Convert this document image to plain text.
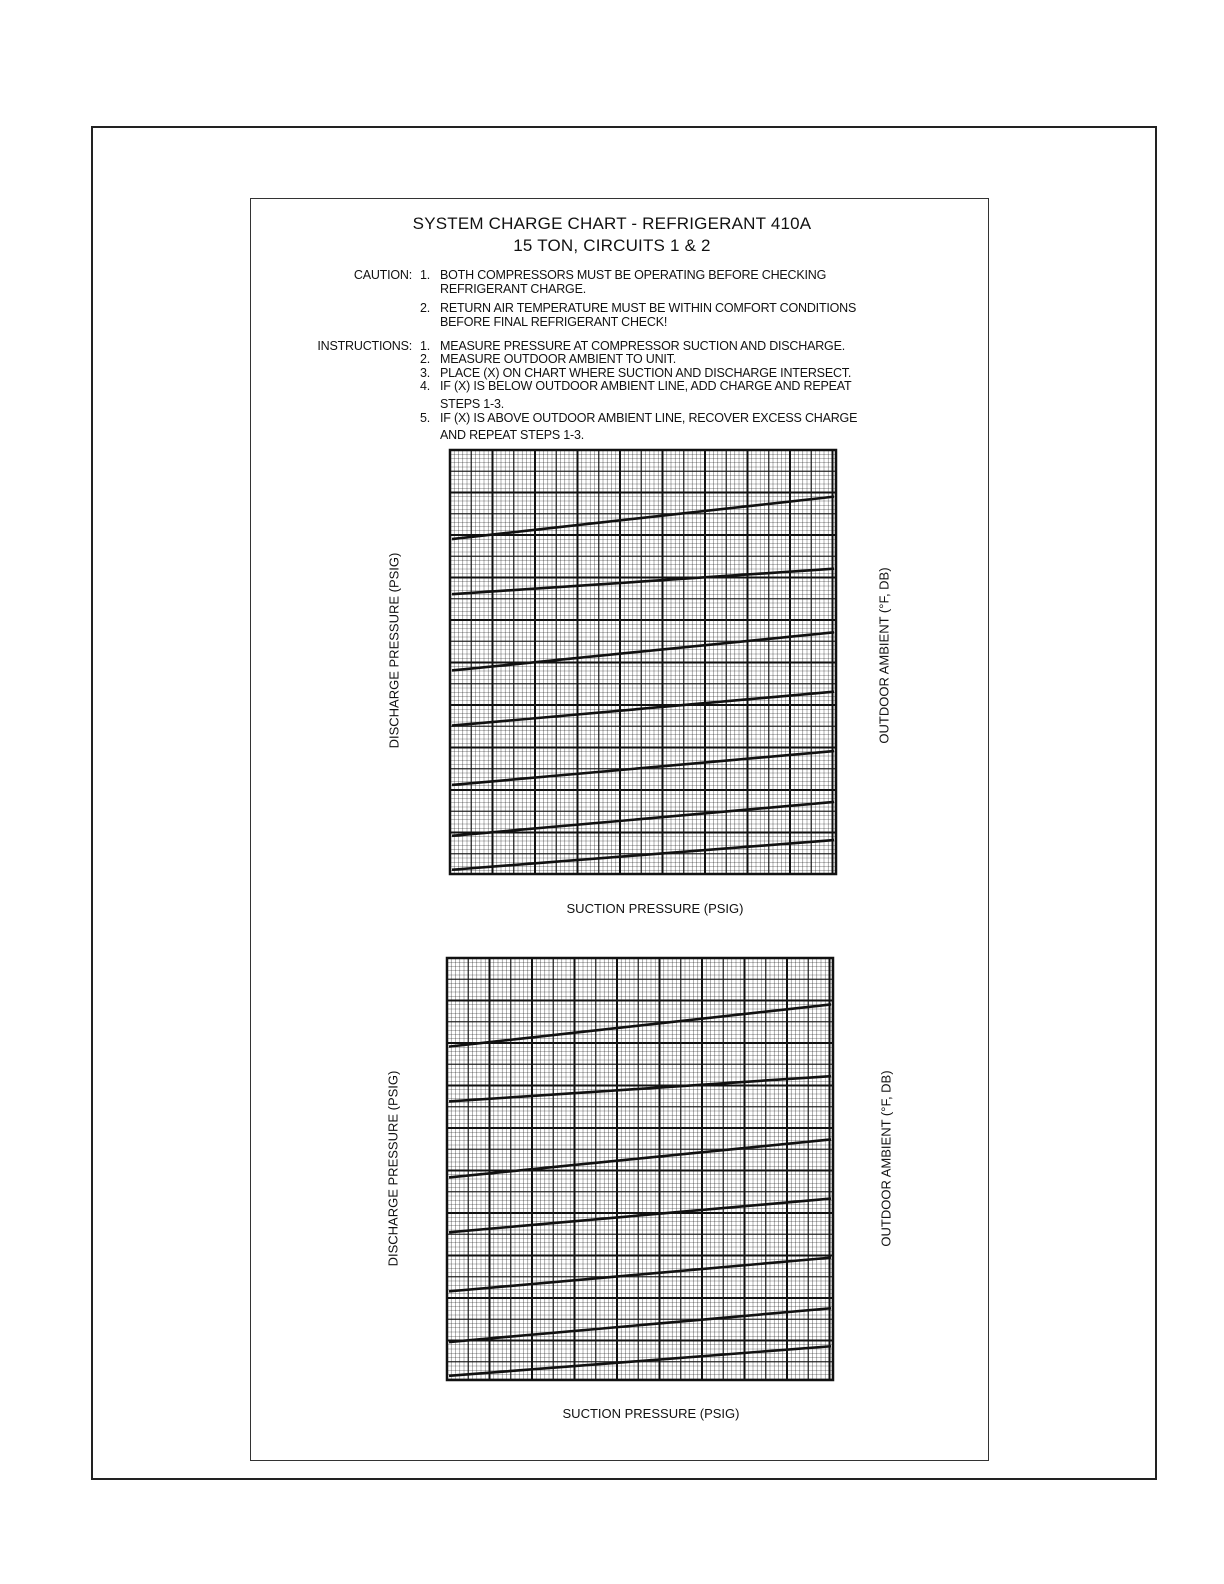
SYSTEM CHARGE CHART - REFRIGERANT 410A
15 TON, CIRCUITS 1 & 2
CAUTION: 1. BOTH COMPRESSORS MUST BE OPERATING BEFORE CHECKING
REFRIGERANT CHARGE.
2. RETURN AIR TEMPERATURE MUST BE WITHIN COMFORT CONDITIONS
BEFORE FINAL REFRIGERANT CHECK!
INSTRUCTIONS: 1. MEASURE PRESSURE AT COMPRESSOR SUCTION AND DISCHARGE.
2. MEASURE OUTDOOR AMBIENT TO UNIT.
3. PLACE (X) ON CHART WHERE SUCTION AND DISCHARGE INTERSECT.
4. IF (X) IS BELOW OUTDOOR AMBIENT LINE, ADD CHARGE AND REPEAT
STEPS 1-3.
5. IF (X) IS ABOVE OUTDOOR AMBIENT LINE, RECOVER EXCESS CHARGE
AND REPEAT STEPS 1-3.
SUCTION PRESSURE (PSIG)
DISCHARGE PRESSURE (PSIG)	OUTDOOR AMBIENT (°F, DB)
SUCTION PRESSURE (PSIG)
DISCHARGE PRESSURE (PSIG)	OUTDOOR AMBIENT (°F, DB)
